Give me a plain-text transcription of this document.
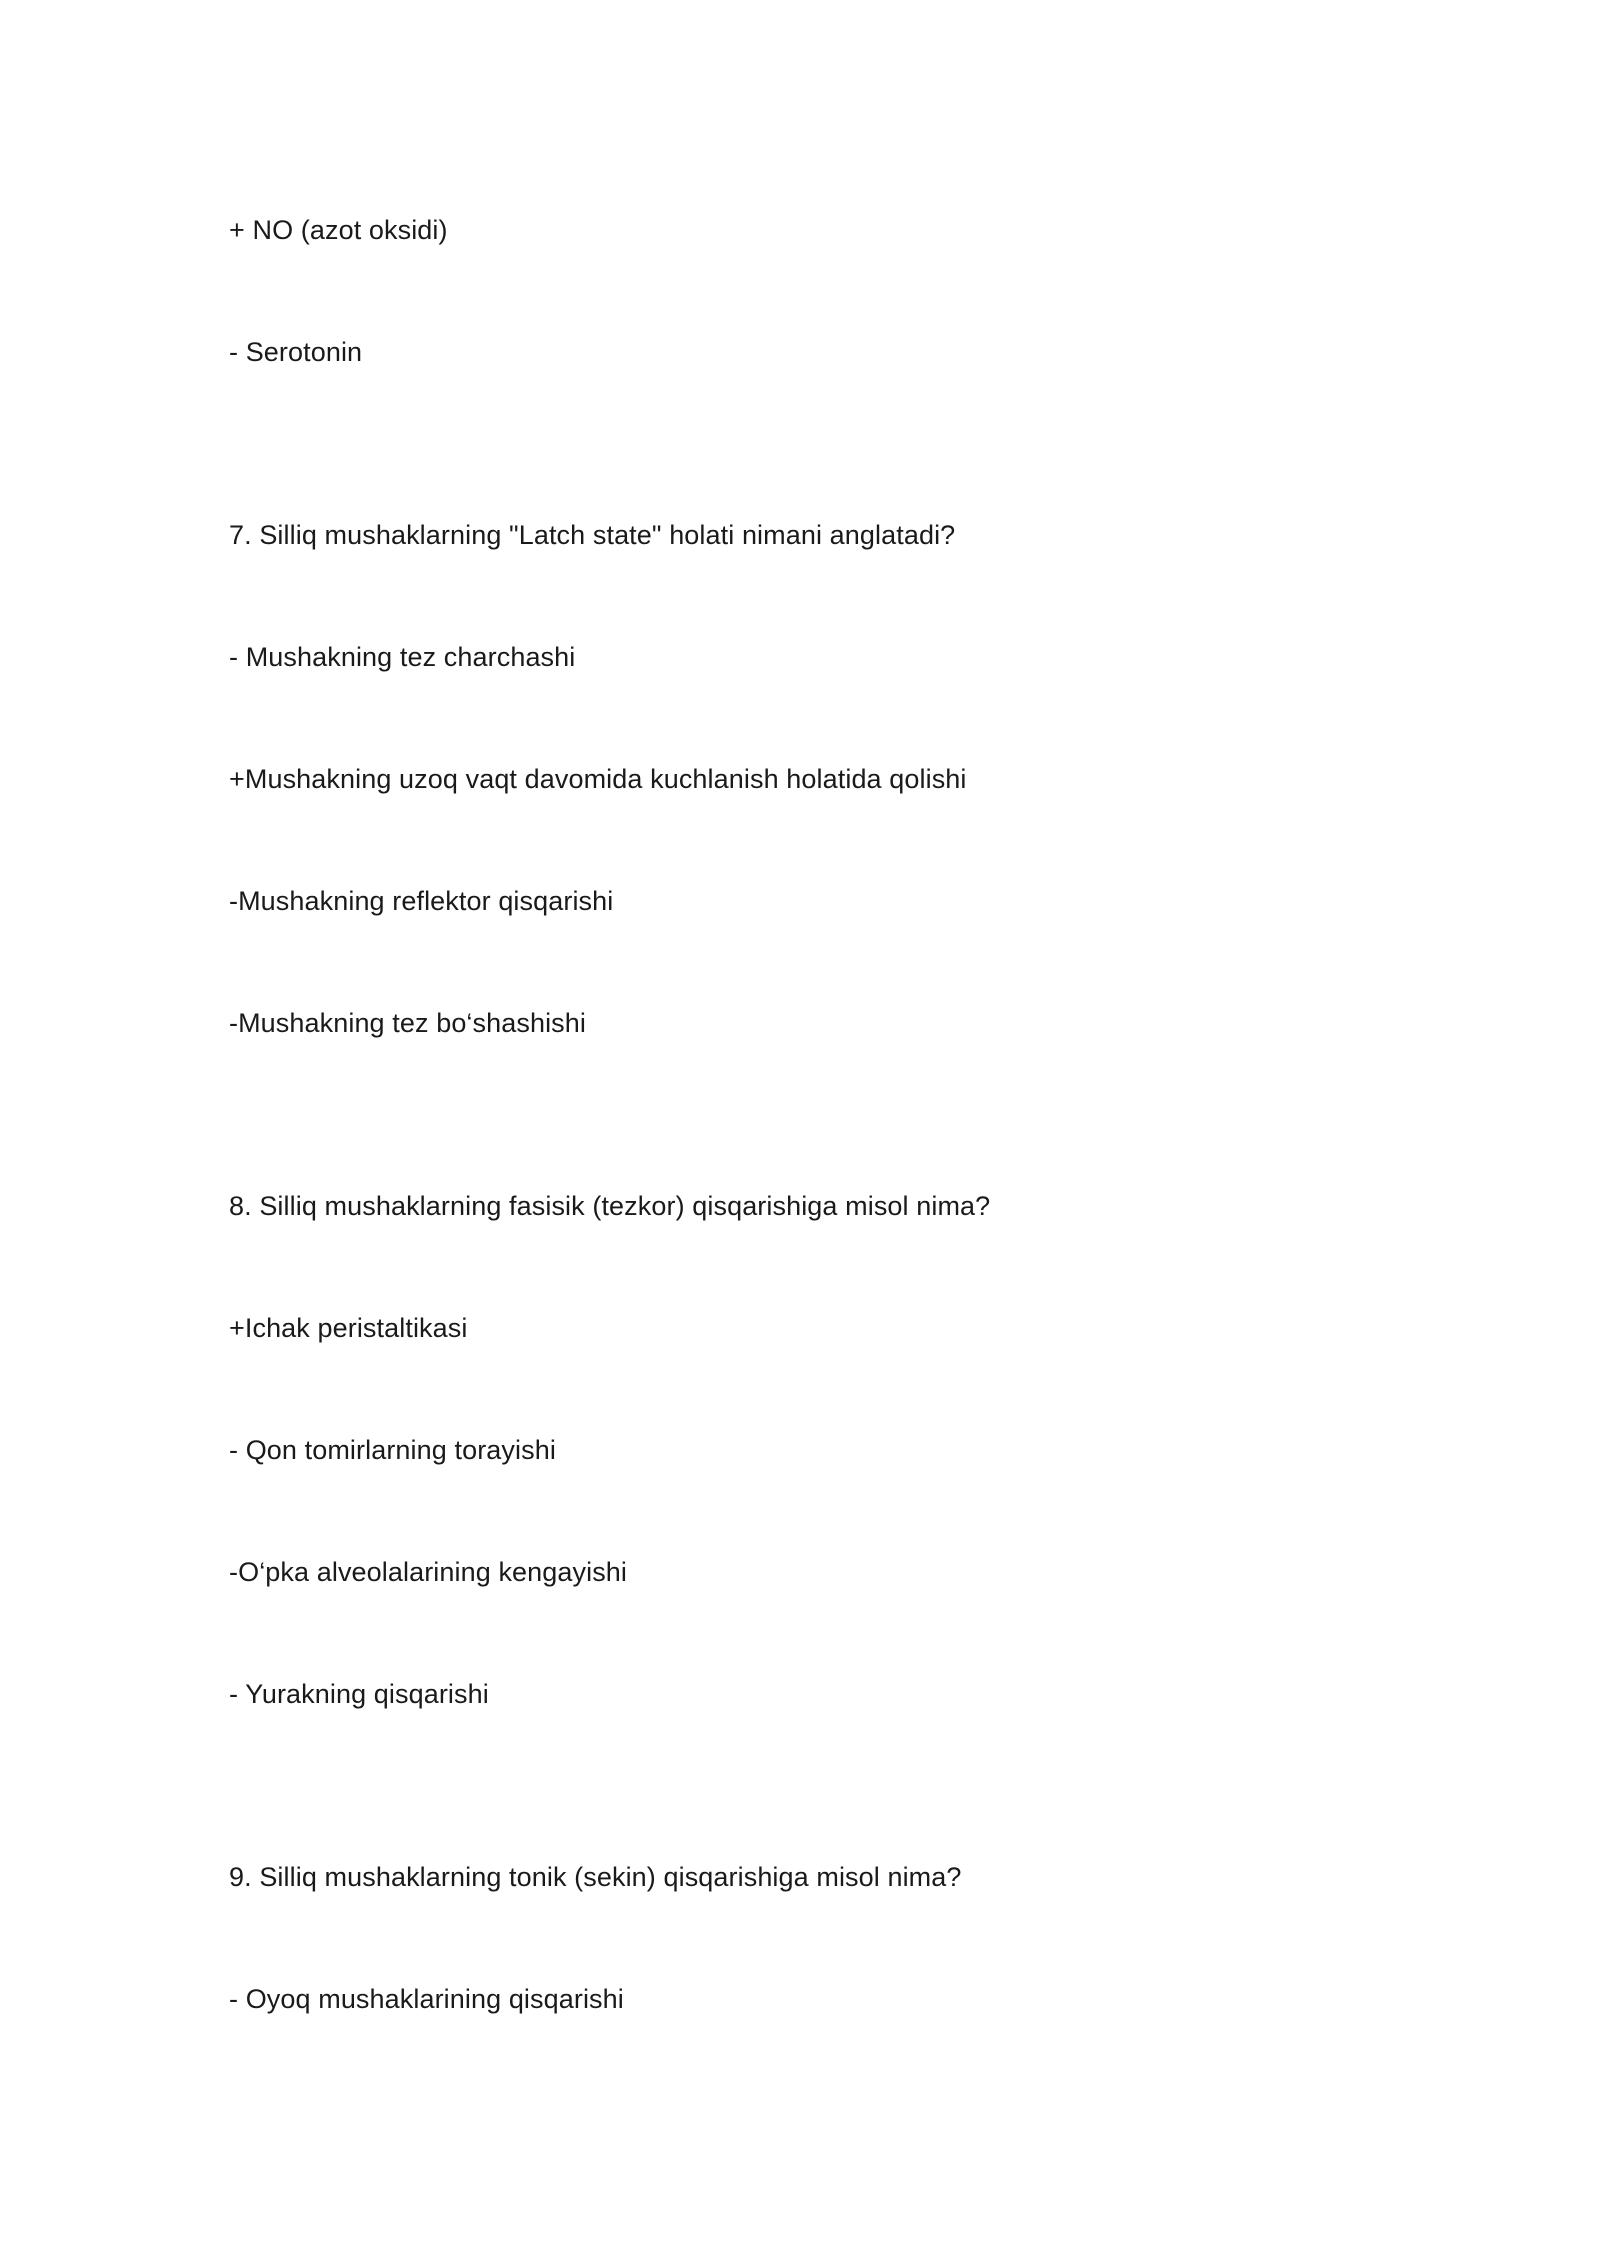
+ NO (azot oksidi)
- Serotonin
7. Silliq mushaklarning "Latch state" holati nimani anglatadi?
- Mushakning tez charchashi
+Mushakning uzoq vaqt davomida kuchlanish holatida qolishi
-Mushakning reflektor qisqarishi
-Mushakning tez bo‘shashishi
8. Silliq mushaklarning fasisik (tezkor) qisqarishiga misol nima?
+Ichak peristaltikasi
- Qon tomirlarning torayishi
-O‘pka alveolalarining kengayishi
- Yurakning qisqarishi
9. Silliq mushaklarning tonik (sekin) qisqarishiga misol nima?
- Oyoq mushaklarining qisqarishi
